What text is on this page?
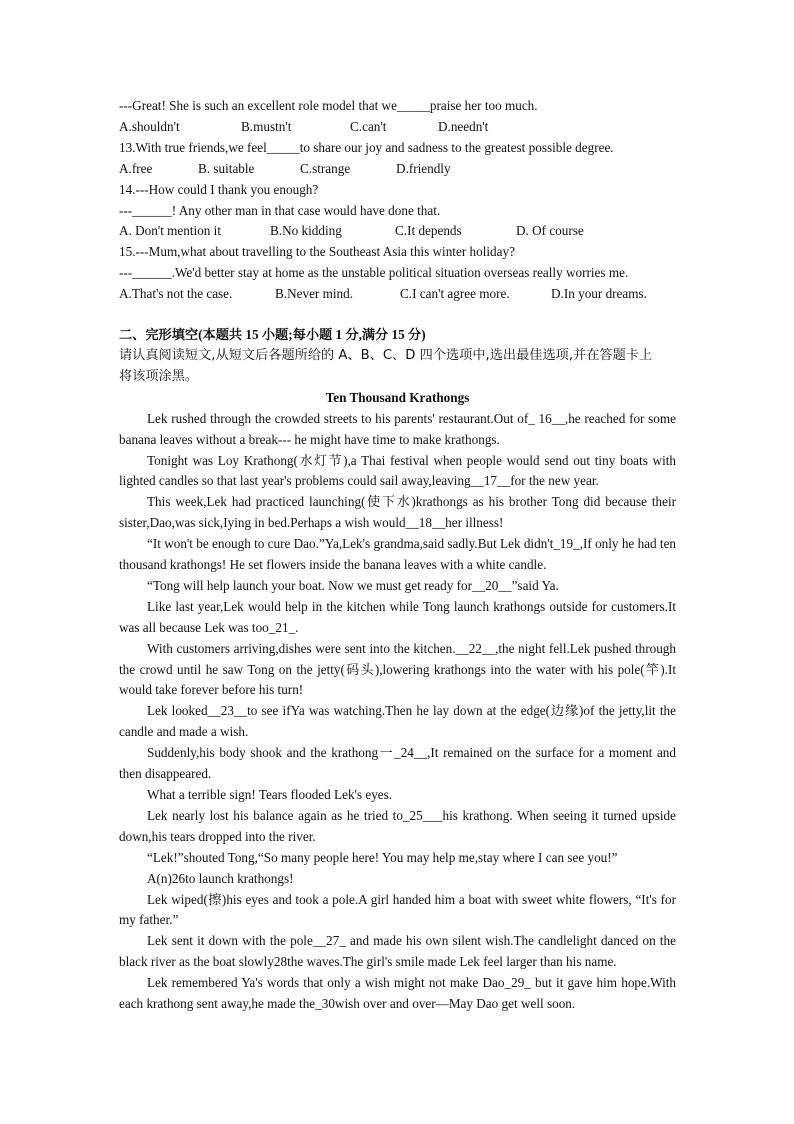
---Great! She is such an excellent role model that we_____praise her too much.
A.shouldn't	B.mustn't	C.can't	D.needn't
13.With true friends,we feel_____to share our joy and sadness to the greatest possible degree.
A.free	B. suitable	C.strange	D.friendly
14.---How could I thank you enough?
---______! Any other man in that case would have done that.
A. Don't mention it	B.No kidding	C.It depends	D. Of course
15.---Mum,what about travelling to the Southeast Asia this winter holiday?
---______.We'd better stay at home as the unstable political situation overseas really worries me.
A.That's not the case.	B.Never mind.	C.I can't agree more.	D.In your dreams.
二、完形填空(本题共 15 小题;每小题 1 分,满分 15 分)
请认真阅读短文,从短文后各题所给的 A、B、C、D 四个选项中,选出最佳选项,并在答题卡上
将该项涂黑。
Ten Thousand Krathongs

Lek rushed through the crowded streets to his parents' restaurant.Out of_ 16__,he reached for some banana leaves without a break--- he might have time to make krathongs.

Tonight was Loy Krathong(水灯节),a Thai festival when people would send out tiny boats with lighted candles so that last year's problems could sail away,leaving__17__for the new year.

This week,Lek had practiced launching(使下水)krathongs as his brother Tong did because their sister,Dao,was sick,Iying in bed.Perhaps a wish would__18__her illness!

“It won't be enough to cure Dao.”Ya,Lek's grandma,said sadly.But Lek didn't_19_,If only he had ten thousand krathongs! He set flowers inside the banana leaves with a white candle.

“Tong will help launch your boat. Now we must get ready for__20__”said Ya.

Like last year,Lek would help in the kitchen while Tong launch krathongs outside for customers.It was all because Lek was too_21_.

With customers arriving,dishes were sent into the kitchen.__22__,the night fell.Lek pushed through the crowd until he saw Tong on the jetty(码头),lowering krathongs into the water with his pole(竿).It would take forever before his turn!

Lek looked__23__to see ifYa was watching.Then he lay down at the edge(边缘)of the jetty,lit the candle and made a wish.

Suddenly,his body shook and the krathong一_24__,It remained on the surface for a moment and then disappeared.

What a terrible sign! Tears flooded Lek's eyes.

Lek nearly lost his balance again as he tried to_25___his krathong. When seeing it turned upside down,his tears dropped into the river.

“Lek!”shouted Tong,“So many people here! You may help me,stay where I can see you!”

A(n)26to launch krathongs!

Lek wiped(擦)his eyes and took a pole.A girl handed him a boat with sweet white flowers, “It's for my father.”

Lek sent it down with the pole__27_ and made his own silent wish.The candlelight danced on the black river as the boat slowly28the waves.The girl's smile made Lek feel larger than his name.

Lek remembered Ya's words that only a wish might not make Dao_29_ but it gave him hope.With each krathong sent away,he made the_30wish over and over—May Dao get well soon.
